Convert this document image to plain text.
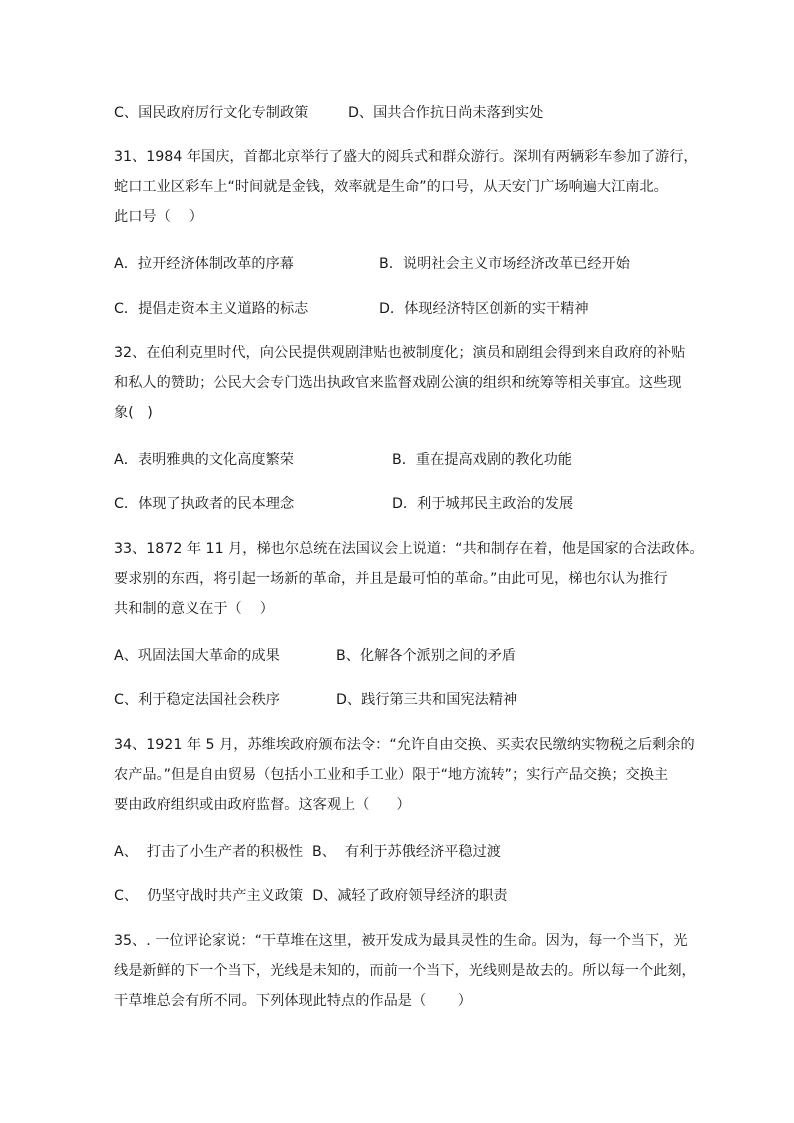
C、国民政府厉行文化专制政策	D、国共合作抗日尚未落到实处
31、1984 年国庆，首都北京举行了盛大的阅兵式和群众游行。深圳有两辆彩车参加了游行，
蛇口工业区彩车上“时间就是金钱，效率就是生命”的口号，从天安门广场响遍大江南北。
此口号（    ）
A．拉开经济体制改革的序幕	B．说明社会主义市场经济改革已经开始
C．提倡走资本主义道路的标志	D．体现经济特区创新的实干精神
32、在伯利克里时代，向公民提供观剧津贴也被制度化；演员和剧组会得到来自政府的补贴
和私人的赞助；公民大会专门选出执政官来监督戏剧公演的组织和统筹等相关事宜。这些现
象(   )
A．表明雅典的文化高度繁荣	B．重在提高戏剧的教化功能
C．体现了执政者的民本理念	D．利于城邦民主政治的发展
33、1872 年 11 月，梯也尔总统在法国议会上说道：“共和制存在着，他是国家的合法政体。
要求别的东西，将引起一场新的革命，并且是最可怕的革命。”由此可见，梯也尔认为推行
共和制的意义在于（    ）
A、巩固法国大革命的成果	B、化解各个派别之间的矛盾
C、利于稳定法国社会秩序	D、践行第三共和国宪法精神
34、1921 年 5 月，苏维埃政府颁布法令：“允许自由交换、买卖农民缴纳实物税之后剩余的
农产品。”但是自由贸易（包括小工业和手工业）限于“地方流转”；实行产品交换；交换主
要由政府组织或由政府监督。这客观上（      ）
A、  打击了小生产者的积极性  B、  有利于苏俄经济平稳过渡
C、  仍坚守战时共产主义政策  D、减轻了政府领导经济的职责
35、. 一位评论家说：“干草堆在这里，被开发成为最具灵性的生命。因为，每一个当下，光
线是新鲜的下一个当下，光线是未知的，而前一个当下，光线则是故去的。所以每一个此刻，
干草堆总会有所不同。下列体现此特点的作品是（       ）
